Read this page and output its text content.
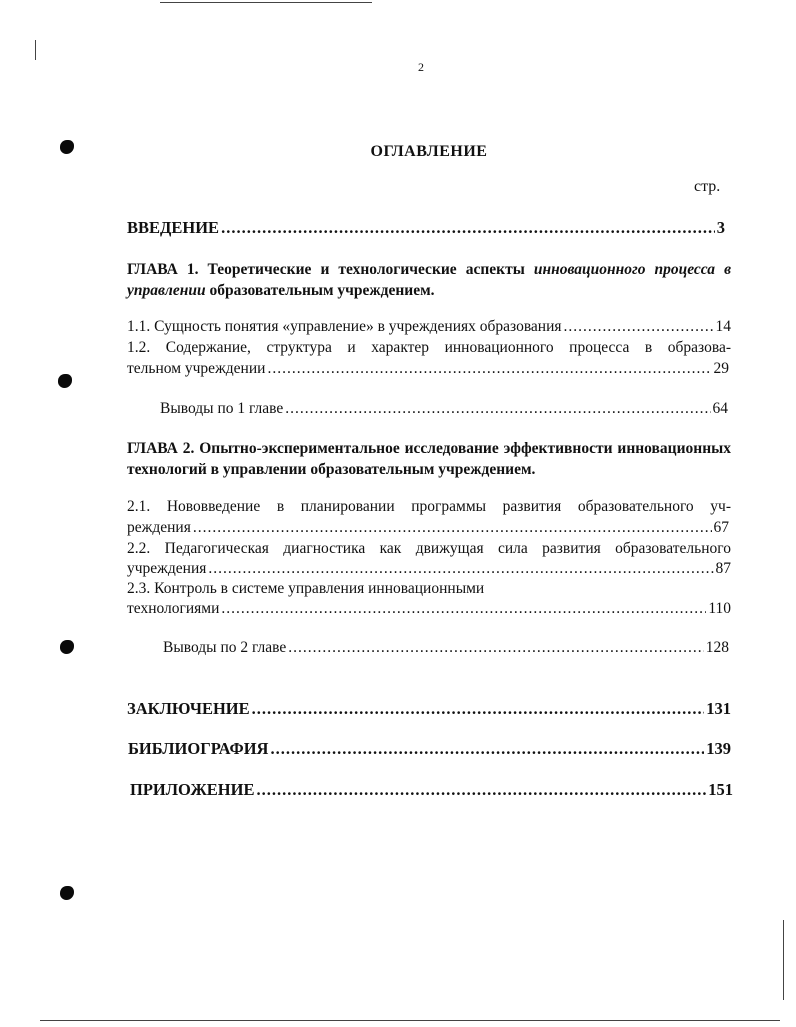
2
ОГЛАВЛЕНИЕ
стр.
ВВЕДЕНИЕ .....	3
ГЛАВА 1. Теоретические и технологические аспекты инновационного процесса в управлении образовательным учреждением.
1.1. Сущность понятия «управление» в учреждениях образования .....	14
1.2. Содержание, структура и характер инновационного процесса в образова-
тельном учреждении .....	29
Выводы по 1 главе .....	64
ГЛАВА 2. Опытно-экспериментальное исследование эффективности инновационных технологий в управлении образовательным учреждением.
2.1. Нововведение в планировании программы развития образовательного уч-
реждения .....	67
2.2. Педагогическая диагностика как движущая сила развития образовательного
учреждения .....	87
2.3. Контроль в системе управления инновационными
технологиями .....	110
Выводы по 2 главе .....	128
ЗАКЛЮЧЕНИЕ .....	131
БИБЛИОГРАФИЯ .....	139
ПРИЛОЖЕНИЕ .....	151
